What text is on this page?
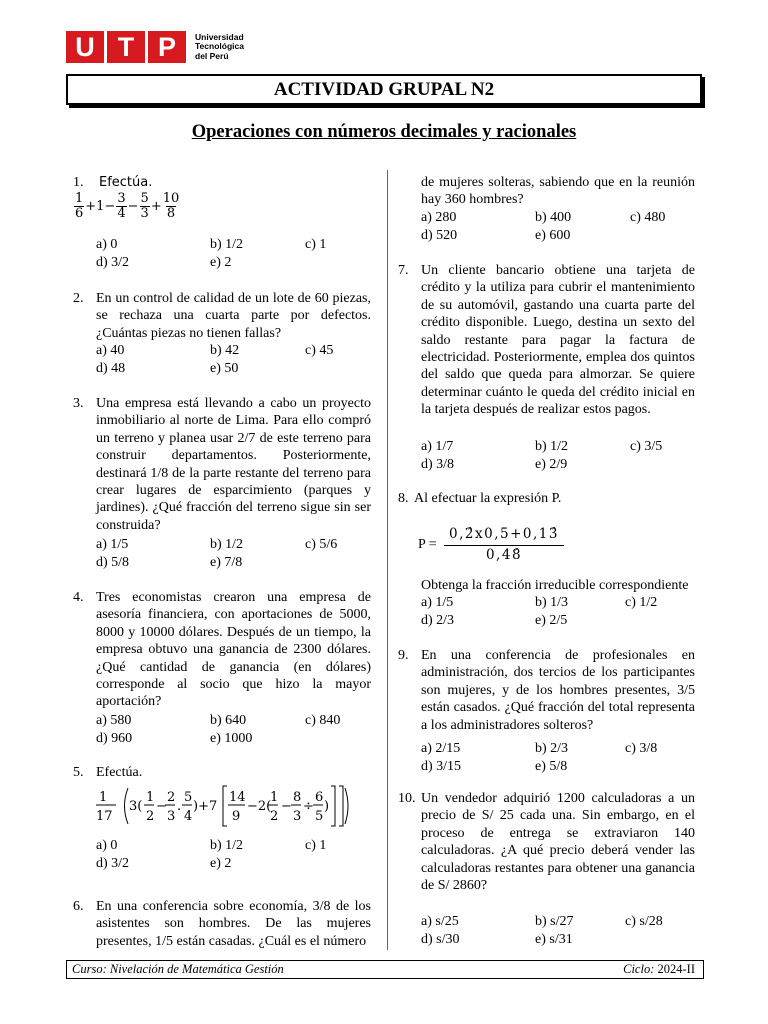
U T P	Universidad
Tecnológica
del Perú
ACTIVIDAD GRUPAL N2
Operaciones con números decimales y racionales
1. Efectúa.
$\frac{1}{6} +1- \frac{3}{4} - \frac{5}{3} + \frac{10}{8}$
a) 0	b) 1/2	c) 1
d) 3/2	e) 2
2. En un control de calidad de un lote de 60 piezas, se rechaza una cuarta parte por defectos. ¿Cuántas piezas no tienen fallas?
a) 40	b) 42	c) 45
d) 48	e) 50
3. Una empresa está llevando a cabo un proyecto inmobiliario al norte de Lima. Para ello compró un terreno y planea usar 2/7 de este terreno para construir departamentos. Posteriormente, destinará 1/8 de la parte restante del terreno para crear lugares de esparcimiento (parques y jardines). ¿Qué fracción del terreno sigue sin ser construida?
a) 1/5	b) 1/2	c) 5/6
d) 5/8	e) 7/8
4. Tres economistas crearon una empresa de asesoría financiera, con aportaciones de 5000, 8000 y 10000 dólares. Después de un tiempo, la empresa obtuvo una ganancia de 2300 dólares. ¿Qué cantidad de ganancia (en dólares) corresponde al socio que hizo la mayor aportación?
a) 580	b) 640	c) 840
d) 960	e) 1000
5. Efectúa.
1
17
3(
1
2
−
2
3
.
5
4
)+7
14
9
−2(
1
2
−
8
3
÷
6
5
)
a) 0	b) 1/2	c) 1
d) 3/2	e) 2
6. En una conferencia sobre economía, 3/8 de los asistentes son hombres. De las mujeres presentes, 1/5 están casadas. ¿Cuál es el número
de mujeres solteras, sabiendo que en la reunión hay 360 hombres?
a) 280	b) 400	c) 480
d) 520	e) 600
7. Un cliente bancario obtiene una tarjeta de crédito y la utiliza para cubrir el mantenimiento de su automóvil, gastando una cuarta parte del crédito disponible. Luego, destina un sexto del saldo restante para pagar la factura de electricidad. Posteriormente, emplea dos quintos del saldo que queda para almorzar. Se quiere determinar cuánto le queda del crédito inicial en la tarjeta después de realizar estos pagos.
a) 1/7	b) 1/2	c) 3/5
d) 3/8	e) 2/9
8. Al efectuar la expresión P.
P =
0,2̂x0,5+0,13̂
0,48̂
Obtenga la fracción irreducible correspondiente
a) 1/5	b) 1/3	c) 1/2
d) 2/3	e) 2/5
9. En una conferencia de profesionales en administración, dos tercios de los participantes son mujeres, y de los hombres presentes, 3/5 están casados. ¿Qué fracción del total representa a los administradores solteros?
a) 2/15	b) 2/3	c) 3/8
d) 3/15	e) 5/8
10. Un vendedor adquirió 1200 calculadoras a un precio de S/ 25 cada una. Sin embargo, en el proceso de entrega se extraviaron 140 calculadoras. ¿A qué precio deberá vender las calculadoras restantes para obtener una ganancia de S/ 2860?
a) s/25	b) s/27	c) s/28
d) s/30	e) s/31
Curso: Nivelación de Matemática Gestión	Ciclo: 2024-II
